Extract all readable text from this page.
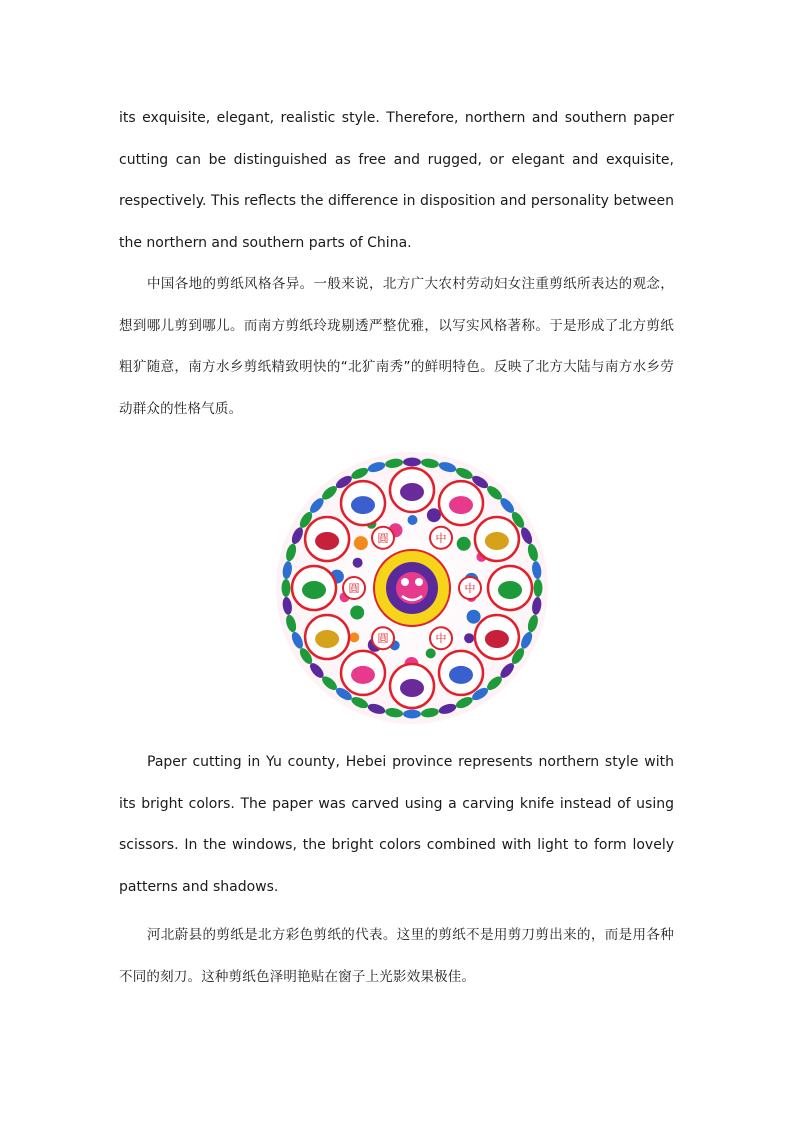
its exquisite, elegant, realistic style. Therefore, northern and southern paper cutting can be distinguished as free and rugged, or elegant and exquisite, respectively. This reflects the difference in disposition and personality between the northern and southern parts of China.

中国各地的剪纸风格各异。一般来说，北方广大农村劳动妇女注重剪纸所表达的观念，想到哪儿剪到哪儿。而南方剪纸玲珑剔透严整优雅，以写实风格著称。于是形成了北方剪纸粗犷随意，南方水乡剪纸精致明快的“北犷南秀”的鲜明特色。反映了北方大陆与南方水乡劳动群众的性格气质。

中
中
中
圓
圓
圓

Paper cutting in Yu county, Hebei province represents northern style with its bright colors. The paper was carved using a carving knife instead of using scissors. In the windows, the bright colors combined with light to form lovely patterns and shadows.

河北蔚县的剪纸是北方彩色剪纸的代表。这里的剪纸不是用剪刀剪出来的，而是用各种不同的刻刀。这种剪纸色泽明艳贴在窗子上光影效果极佳。
